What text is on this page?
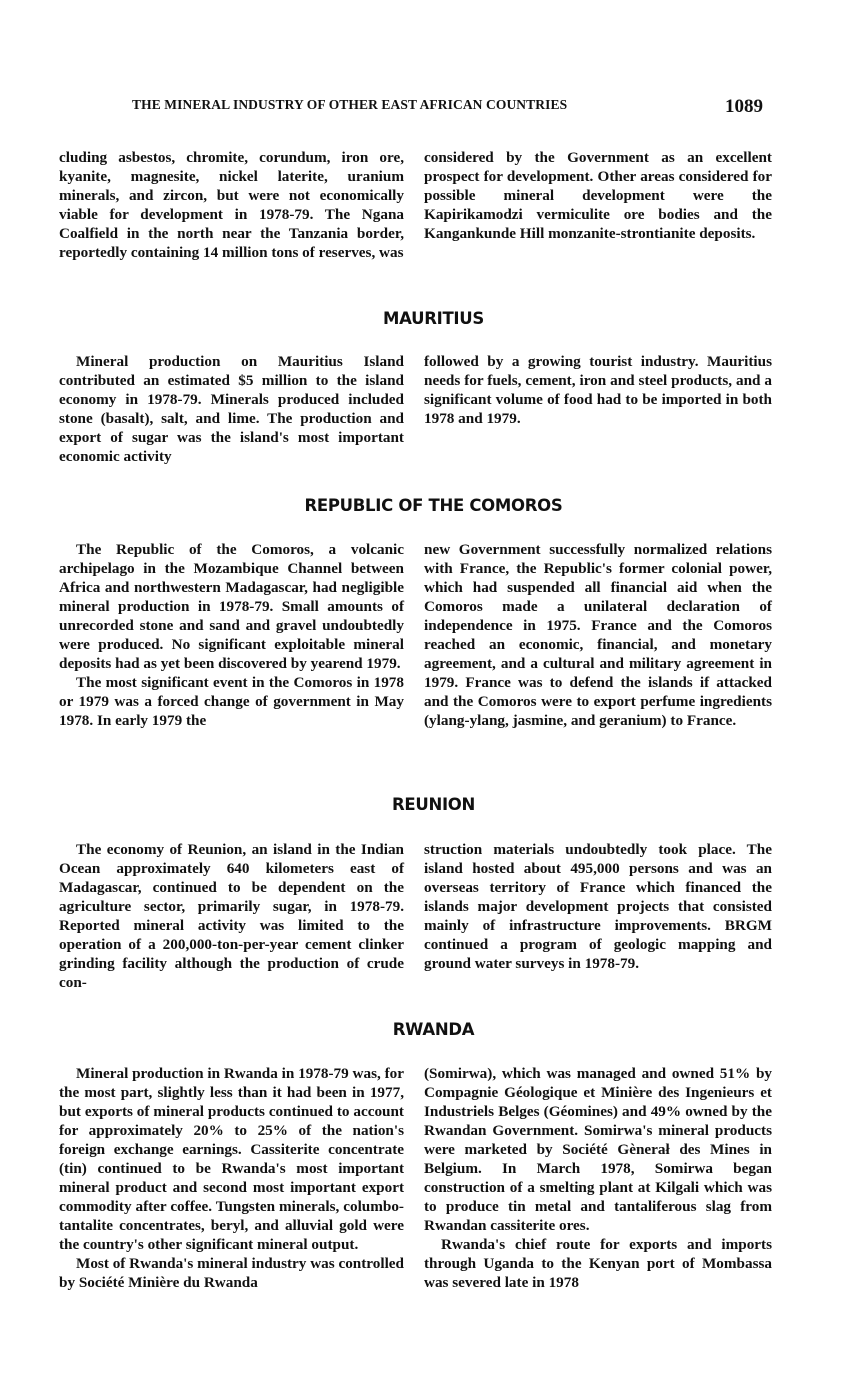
THE MINERAL INDUSTRY OF OTHER EAST AFRICAN COUNTRIES	1089

cluding asbestos, chromite, corundum, iron ore, kyanite, magnesite, nickel laterite, uranium minerals, and zircon, but were not economically viable for development in 1978-79. The Ngana Coalfield in the north near the Tanzania border, reportedly containing 14 million tons of reserves, was

considered by the Government as an excellent prospect for development. Other areas considered for possible mineral development were the Kapirikamodzi vermiculite ore bodies and the Kangankunde Hill monzanite-strontianite deposits.

MAURITIUS

Mineral production on Mauritius Island contributed an estimated $5 million to the island economy in 1978-79. Minerals produced included stone (basalt), salt, and lime. The production and export of sugar was the island's most important economic activity

followed by a growing tourist industry. Mauritius needs for fuels, cement, iron and steel products, and a significant volume of food had to be imported in both 1978 and 1979.

REPUBLIC OF THE COMOROS

The Republic of the Comoros, a volcanic archipelago in the Mozambique Channel between Africa and northwestern Madagascar, had negligible mineral production in 1978-79. Small amounts of unrecorded stone and sand and gravel undoubtedly were produced. No significant exploitable mineral deposits had as yet been discovered by yearend 1979.

The most significant event in the Comoros in 1978 or 1979 was a forced change of government in May 1978. In early 1979 the

new Government successfully normalized relations with France, the Republic's former colonial power, which had suspended all financial aid when the Comoros made a unilateral declaration of independence in 1975. France and the Comoros reached an economic, financial, and monetary agreement, and a cultural and military agreement in 1979. France was to defend the islands if attacked and the Comoros were to export perfume ingredients (ylang-ylang, jasmine, and geranium) to France.

REUNION

The economy of Reunion, an island in the Indian Ocean approximately 640 kilometers east of Madagascar, continued to be dependent on the agriculture sector, primarily sugar, in 1978-79. Reported mineral activity was limited to the operation of a 200,000-ton-per-year cement clinker grinding facility although the production of crude con-

struction materials undoubtedly took place. The island hosted about 495,000 persons and was an overseas territory of France which financed the islands major development projects that consisted mainly of infrastructure improvements. BRGM continued a program of geologic mapping and ground water surveys in 1978-79.

RWANDA

Mineral production in Rwanda in 1978-79 was, for the most part, slightly less than it had been in 1977, but exports of mineral products continued to account for approximately 20% to 25% of the nation's foreign exchange earnings. Cassiterite concentrate (tin) continued to be Rwanda's most important mineral product and second most important export commodity after coffee. Tungsten minerals, columbo-tantalite concentrates, beryl, and alluvial gold were the country's other significant mineral output.

Most of Rwanda's mineral industry was controlled by Société Minière du Rwanda

(Somirwa), which was managed and owned 51% by Compagnie Géologique et Minière des Ingenieurs et Industriels Belges (Géomines) and 49% owned by the Rwandan Government. Somirwa's mineral products were marketed by Société Gènerał des Mines in Belgium. In March 1978, Somirwa began construction of a smelting plant at Kilgali which was to produce tin metal and tantaliferous slag from Rwandan cassiterite ores.

Rwanda's chief route for exports and imports through Uganda to the Kenyan port of Mombassa was severed late in 1978
